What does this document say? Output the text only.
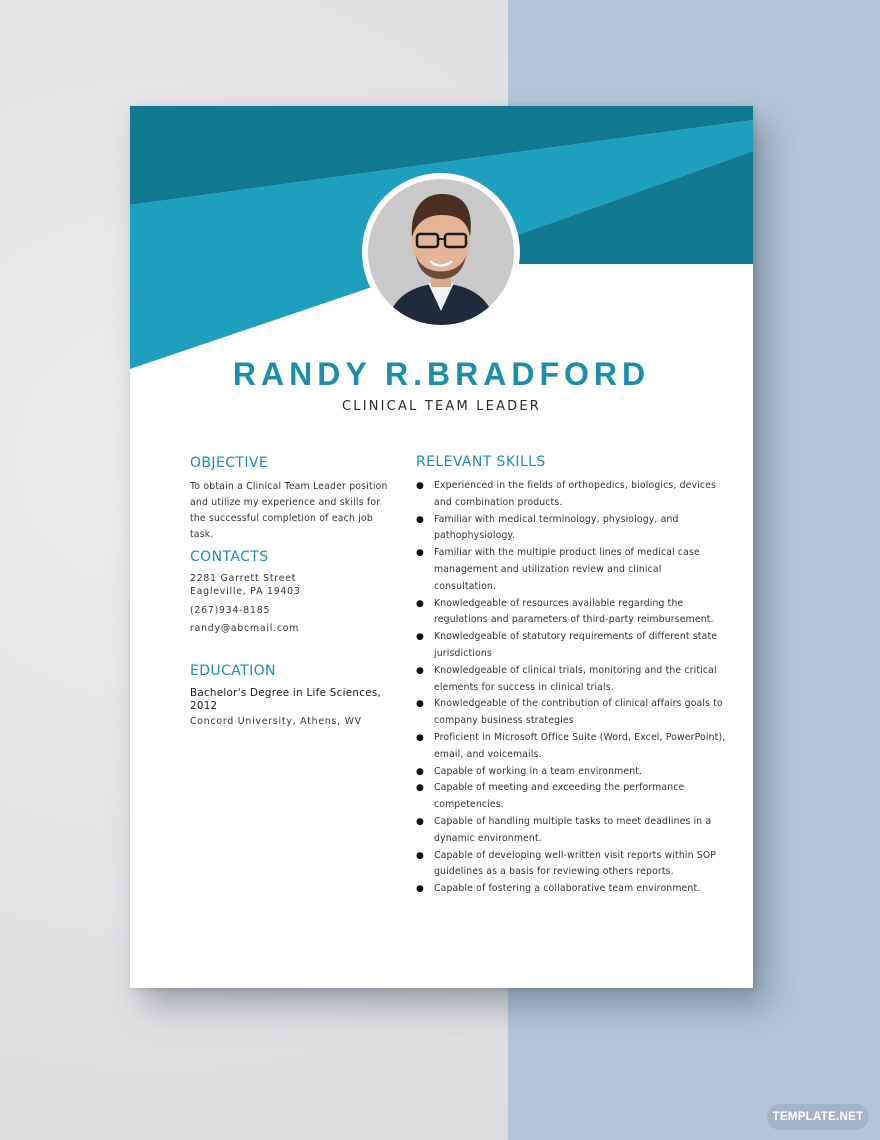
RANDY R.BRADFORD
CLINICAL TEAM LEADER
OBJECTIVE
To obtain a Clinical Team Leader position and utilize my experience and skills for the successful completion of each job task.
CONTACTS
2281 Garrett Street
Eagleville, PA 19403
(267)934-8185
randy@abcmail.com
EDUCATION
Bachelor's Degree in Life Sciences, 2012
Concord University, Athens, WV
RELEVANT SKILLS
● Experienced in the fields of orthopedics, biologics, devices and combination products.
● Familiar with medical terminology, physiology, and pathophysiology.
● Familiar with the multiple product lines of medical case management and utilization review and clinical consultation.
● Knowledgeable of resources available regarding the regulations and parameters of third-party reimbursement.
● Knowledgeable of statutory requirements of different state jurisdictions
● Knowledgeable of clinical trials, monitoring and the critical elements for success in clinical trials.
● Knowledgeable of the contribution of clinical affairs goals to company business strategies
● Proficient in Microsoft Office Suite (Word, Excel, PowerPoint), email, and voicemails.
● Capable of working in a team environment.
● Capable of meeting and exceeding the performance competencies.
● Capable of handling multiple tasks to meet deadlines in a dynamic environment.
● Capable of developing well-written visit reports within SOP guidelines as a basis for reviewing others reports.
● Capable of fostering a collaborative team environment.
TEMPLATE.NET
